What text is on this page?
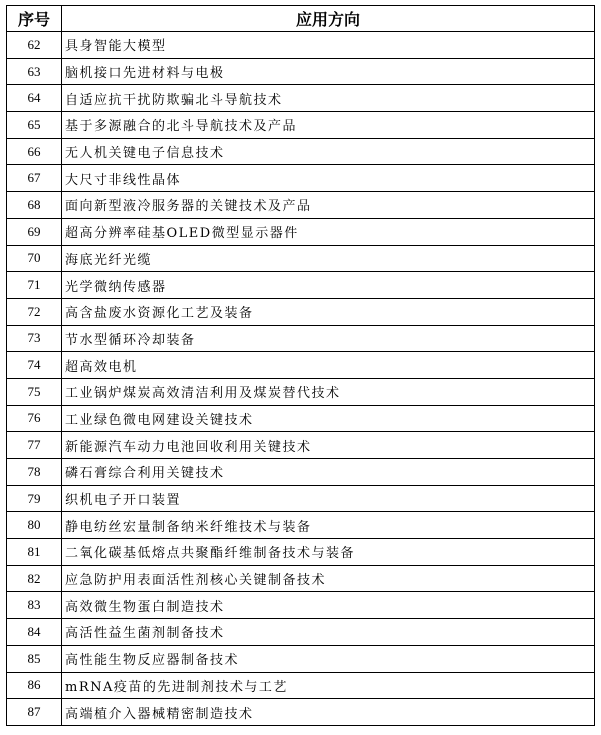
序号	应用方向
62	具身智能大模型
63	脑机接口先进材料与电极
64	自适应抗干扰防欺骗北斗导航技术
65	基于多源融合的北斗导航技术及产品
66	无人机关键电子信息技术
67	大尺寸非线性晶体
68	面向新型液冷服务器的关键技术及产品
69	超高分辨率硅基OLED微型显示器件
70	海底光纤光缆
71	光学微纳传感器
72	高含盐废水资源化工艺及装备
73	节水型循环冷却装备
74	超高效电机
75	工业锅炉煤炭高效清洁利用及煤炭替代技术
76	工业绿色微电网建设关键技术
77	新能源汽车动力电池回收利用关键技术
78	磷石膏综合利用关键技术
79	织机电子开口装置
80	静电纺丝宏量制备纳米纤维技术与装备
81	二氧化碳基低熔点共聚酯纤维制备技术与装备
82	应急防护用表面活性剂核心关键制备技术
83	高效微生物蛋白制造技术
84	高活性益生菌剂制备技术
85	高性能生物反应器制备技术
86	mRNA疫苗的先进制剂技术与工艺
87	高端植介入器械精密制造技术
